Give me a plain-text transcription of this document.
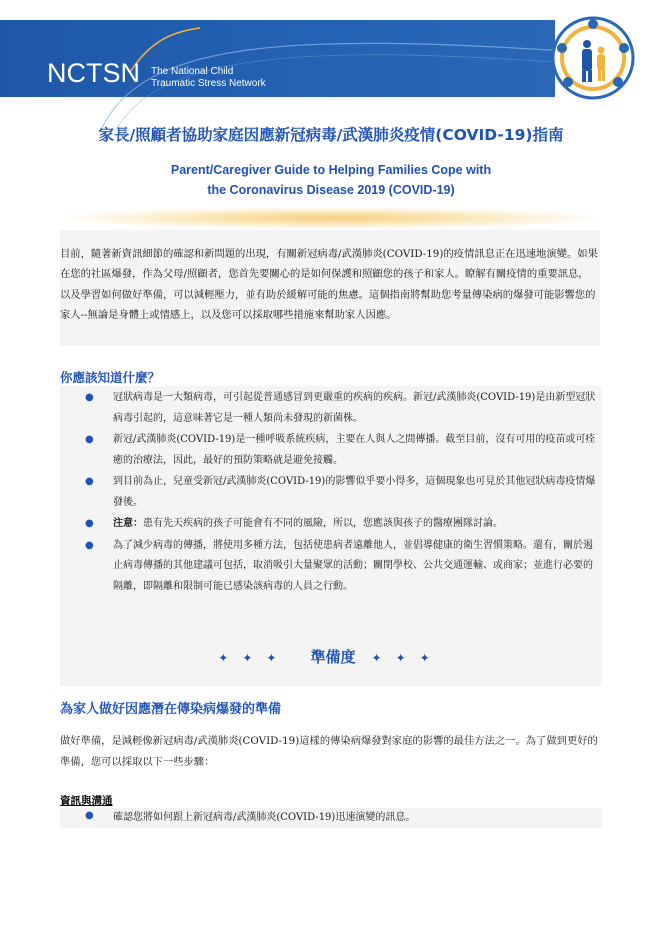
NCTSN The National Child
Traumatic Stress Network
Chinese ranslated by: Dr. Sue-Huei Chen 陳淑惠
家長/照顧者協助家庭因應新冠病毒/武漢肺炎疫情(COVID-19)指南
Parent/Caregiver Guide to Helping Families Cope with
the Coronavirus Disease 2019 (COVID-19)

目前，隨著新資訊細節的確認和新問題的出現，有關新冠病毒/武漢肺炎(COVID-19)的疫情訊息正在迅速地演變。如果在您的社區爆發，作為父母/照顧者，您首先要關心的是如何保護和照顧您的孩子和家人。瞭解有關疫情的重要訊息，以及學習如何做好準備，可以減輕壓力，並有助於緩解可能的焦慮。這個指南將幫助您考量傳染病的爆發可能影響您的家人--無論是身體上或情感上，以及您可以採取哪些措施來幫助家人因應。

你應該知道什麼？
● 冠狀病毒是一大類病毒，可引起從普通感冒到更嚴重的疾病的疾病。新冠/武漢肺炎(COVID-19)是由新型冠狀病毒引起的，這意味著它是一種人類尚未發現的新菌株。
● 新冠/武漢肺炎(COVID-19)是一種呼吸系統疾病，主要在人與人之間傳播。截至目前，沒有可用的疫苗或可痊癒的治療法，因此，最好的預防策略就是避免接觸。
● 到目前為止，兒童受新冠/武漢肺炎(COVID-19)的影響似乎要小得多，這個現象也可見於其他冠狀病毒疫情爆發後。
● 注意：患有先天疾病的孩子可能會有不同的風險，所以，您應該與孩子的醫療團隊討論。
● 為了減少病毒的傳播，將使用多種方法，包括使患病者遠離他人，並倡導健康的衛生習慣策略。還有，關於遏止病毒傳播的其他建議可包括，取消吸引大量聚眾的活動；關閉學校、公共交通運輸、或商家；並進行必要的隔離，即隔離和限制可能已感染該病毒的人員之行動。
✦✦✦ 準備度 ✦✦✦
為家人做好因應潛在傳染病爆發的準備

做好準備，是減輕像新冠病毒/武漢肺炎(COVID-19)這樣的傳染病爆發對家庭的影響的最佳方法之一。為了做到更好的準備，您可以採取以下一些步驟：

資訊與溝通
● 確認您將如何跟上新冠病毒/武漢肺炎(COVID-19)迅速演變的訊息。
